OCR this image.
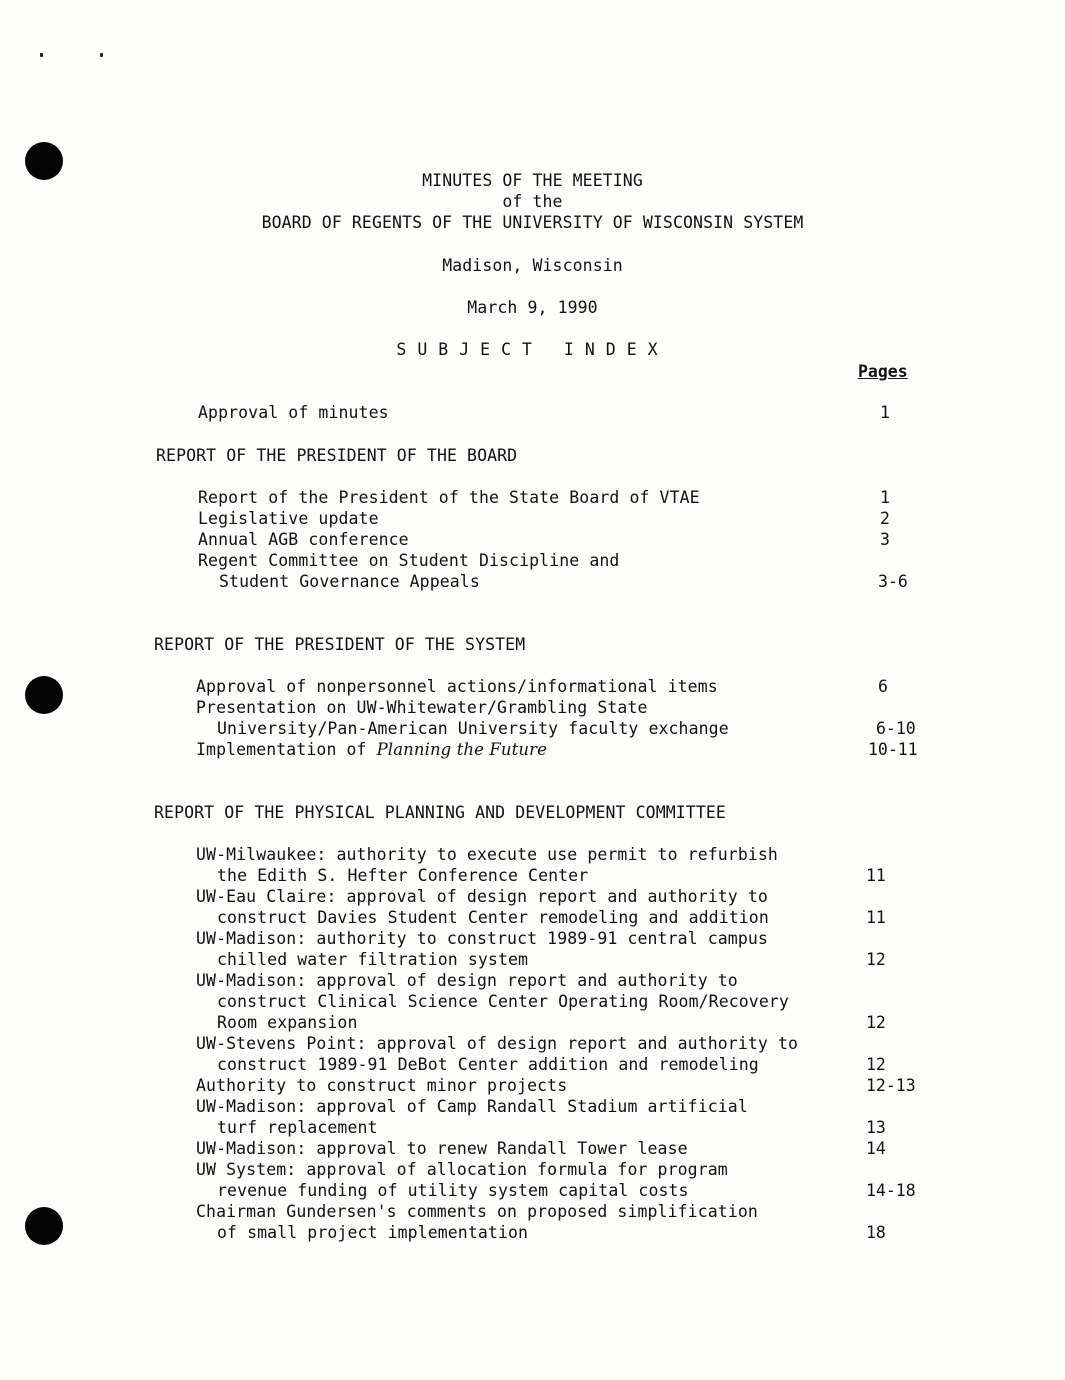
MINUTES OF THE MEETING
of the
BOARD OF REGENTS OF THE UNIVERSITY OF WISCONSIN SYSTEM
Madison, Wisconsin
March 9, 1990
SUBJECT INDEX
Pages
Approval of minutes	1
REPORT OF THE PRESIDENT OF THE BOARD
Report of the President of the State Board of VTAE	1
Legislative update	2
Annual AGB conference	3
Regent Committee on Student Discipline and
Student Governance Appeals	3-6
REPORT OF THE PRESIDENT OF THE SYSTEM
Approval of nonpersonnel actions/informational items	6
Presentation on UW-Whitewater/Grambling State
University/Pan-American University faculty exchange	6-10
Implementation of Planning the Future	10-11
REPORT OF THE PHYSICAL PLANNING AND DEVELOPMENT COMMITTEE
UW-Milwaukee: authority to execute use permit to refurbish
the Edith S. Hefter Conference Center	11
UW-Eau Claire: approval of design report and authority to
construct Davies Student Center remodeling and addition	11
UW-Madison: authority to construct 1989-91 central campus
chilled water filtration system	12
UW-Madison: approval of design report and authority to
construct Clinical Science Center Operating Room/Recovery
Room expansion	12
UW-Stevens Point: approval of design report and authority to
construct 1989-91 DeBot Center addition and remodeling	12
Authority to construct minor projects	12-13
UW-Madison: approval of Camp Randall Stadium artificial
turf replacement	13
UW-Madison: approval to renew Randall Tower lease	14
UW System: approval of allocation formula for program
revenue funding of utility system capital costs	14-18
Chairman Gundersen's comments on proposed simplification
of small project implementation	18
